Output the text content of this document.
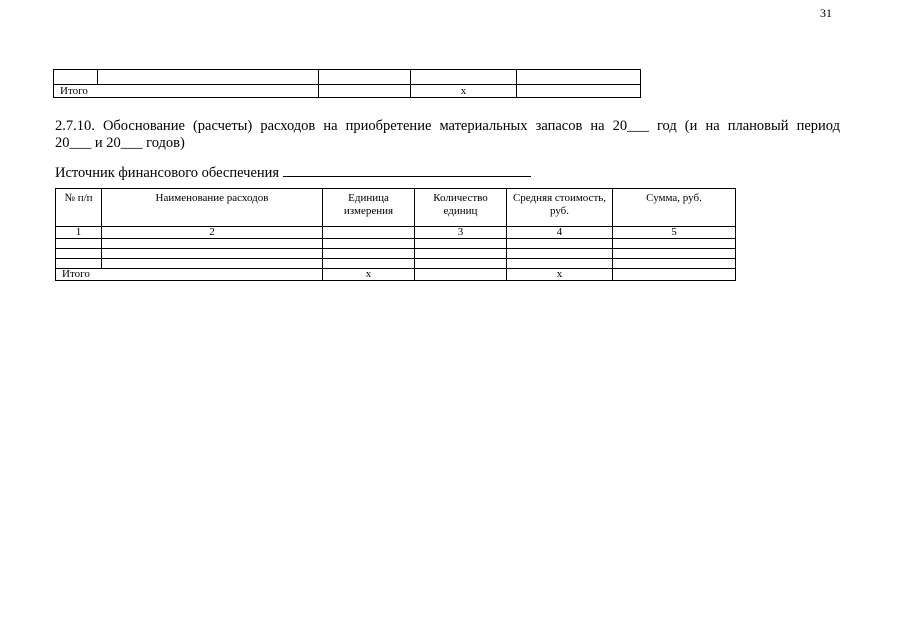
31

Итого			x	
2.7.10. Обоснование (расчеты) расходов на приобретение материальных запасов на 20___ год (и на плановый период
20___ и 20___ годов)
Источник финансового обеспечения
№ п/п	Наименование расходов	Единица измерения	Количество единиц	Средняя стоимость, руб.	Сумма, руб.
1	2		3	4	5

Итого		x		x	
